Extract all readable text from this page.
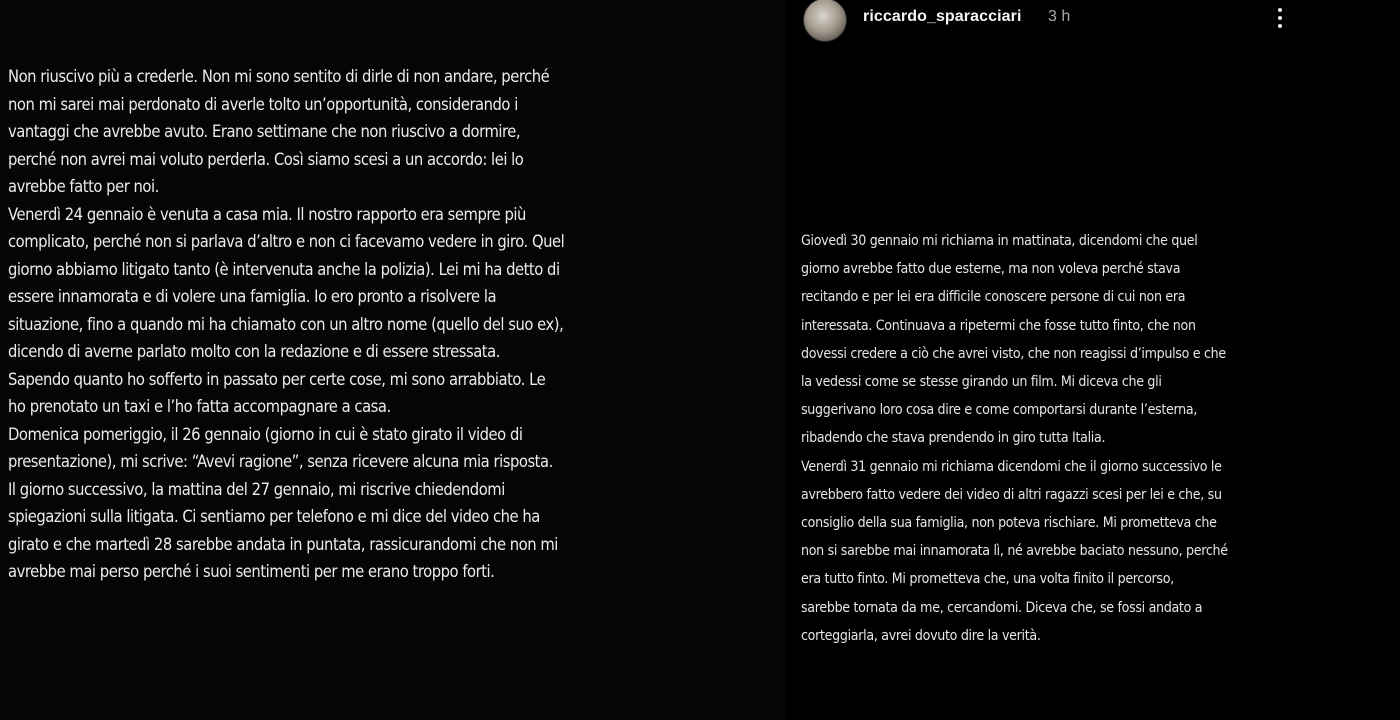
Non riuscivo più a crederle. Non mi sono sentito di dirle di non andare, perché
non mi sarei mai perdonato di averle tolto un’opportunità, considerando i
vantaggi che avrebbe avuto. Erano settimane che non riuscivo a dormire,
perché non avrei mai voluto perderla. Così siamo scesi a un accordo: lei lo
avrebbe fatto per noi.
Venerdì 24 gennaio è venuta a casa mia. Il nostro rapporto era sempre più
complicato, perché non si parlava d’altro e non ci facevamo vedere in giro. Quel
giorno abbiamo litigato tanto (è intervenuta anche la polizia). Lei mi ha detto di
essere innamorata e di volere una famiglia. Io ero pronto a risolvere la
situazione, fino a quando mi ha chiamato con un altro nome (quello del suo ex),
dicendo di averne parlato molto con la redazione e di essere stressata.
Sapendo quanto ho sofferto in passato per certe cose, mi sono arrabbiato. Le
ho prenotato un taxi e l’ho fatta accompagnare a casa.
Domenica pomeriggio, il 26 gennaio (giorno in cui è stato girato il video di
presentazione), mi scrive: “Avevi ragione”, senza ricevere alcuna mia risposta.
Il giorno successivo, la mattina del 27 gennaio, mi riscrive chiedendomi
spiegazioni sulla litigata. Ci sentiamo per telefono e mi dice del video che ha
girato e che martedì 28 sarebbe andata in puntata, rassicurandomi che non mi
avrebbe mai perso perché i suoi sentimenti per me erano troppo forti.
riccardo_sparacciari 3 h
Giovedì 30 gennaio mi richiama in mattinata, dicendomi che quel
giorno avrebbe fatto due esterne, ma non voleva perché stava
recitando e per lei era difficile conoscere persone di cui non era
interessata. Continuava a ripetermi che fosse tutto finto, che non
dovessi credere a ciò che avrei visto, che non reagissi d’impulso e che
la vedessi come se stesse girando un film. Mi diceva che gli
suggerivano loro cosa dire e come comportarsi durante l’esterna,
ribadendo che stava prendendo in giro tutta Italia.
Venerdì 31 gennaio mi richiama dicendomi che il giorno successivo le
avrebbero fatto vedere dei video di altri ragazzi scesi per lei e che, su
consiglio della sua famiglia, non poteva rischiare. Mi prometteva che
non si sarebbe mai innamorata lì, né avrebbe baciato nessuno, perché
era tutto finto. Mi prometteva che, una volta finito il percorso,
sarebbe tornata da me, cercandomi. Diceva che, se fossi andato a
corteggiarla, avrei dovuto dire la verità.
